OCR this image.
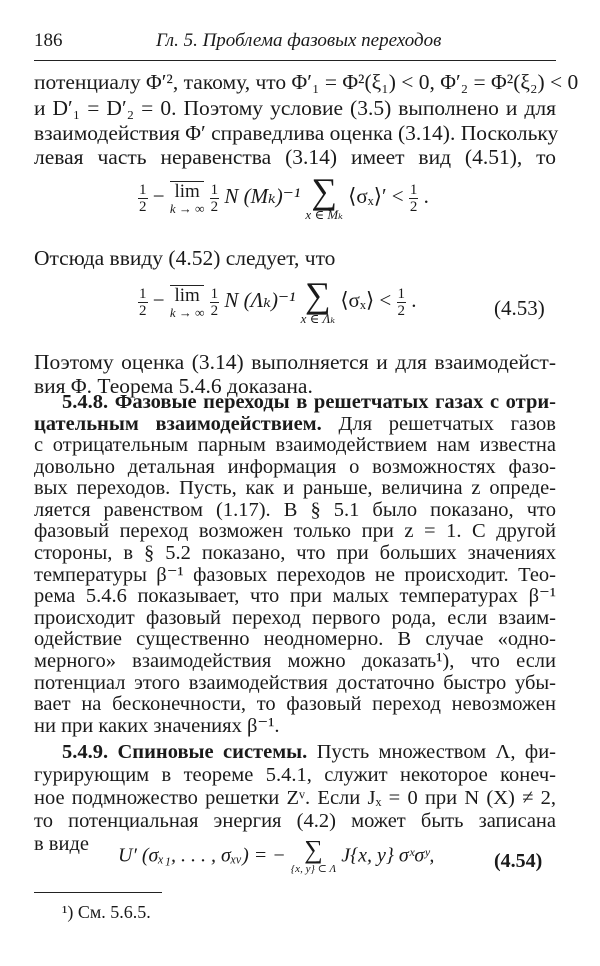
186	Гл. 5. Проблема фазовых переходов
потенциалу Φ′², такому, что Φ′₁ = Φ²(ξ₁) < 0, Φ′₂ = Φ²(ξ₂) < 0
и D′₁ = D′₂ = 0. Поэтому условие (3.5) выполнено и для
взаимодействия Φ′ справедлива оценка (3.14). Поскольку
левая часть неравенства (3.14) имеет вид (4.51), то
$\frac{1}{2} - \lim$
k → ∞
$\frac{1}{2}$ N (Mₖ)⁻¹ ∑
x ∈ Mₖ
⟨σₓ⟩′ < $\frac{1}{2}$ .
Отсюда ввиду (4.52) следует, что
$\frac{1}{2} - \lim$
k → ∞
$\frac{1}{2}$ N (Λₖ)⁻¹ ∑
x ∈ Λₖ
⟨σₓ⟩ < $\frac{1}{2}$ .	(4.53)
Поэтому оценка (3.14) выполняется и для взаимодейст-
вия Φ. Теорема 5.4.6 доказана.
5.4.8. Фазовые переходы в решетчатых газах с отри-
цательным взаимодействием. Для решетчатых газов
с отрицательным парным взаимодействием нам известна
довольно детальная информация о возможностях фазо-
вых переходов. Пусть, как и раньше, величина z опреде-
ляется равенством (1.17). В § 5.1 было показано, что
фазовый переход возможен только при z = 1. С другой
стороны, в § 5.2 показано, что при больших значениях
температуры β⁻¹ фазовых переходов не происходит. Тео-
рема 5.4.6 показывает, что при малых температурах β⁻¹
происходит фазовый переход первого рода, если взаим-
одействие существенно неодномерно. В случае «одно-
мерного» взаимодействия можно доказать¹), что если
потенциал этого взаимодействия достаточно быстро убы-
вает на бесконечности, то фазовый переход невозможен
ни при каких значениях β⁻¹.
5.4.9. Спиновые системы. Пусть множеством Λ, фи-
гурирующим в теореме 5.4.1, служит некоторое конеч-
¹) См. 5.6.5.
ное подмножество решетки Zᵛ. Если Jₓ = 0 при N (X) ≠ 2,
то потенциальная энергия (4.2) может быть записана
в виде
U′ (σₓ₁, . . . , σₓᵥ) = − ∑
{x, y} ⊂ Λ
J{x, y} σˣσʸ,	(4.54)
